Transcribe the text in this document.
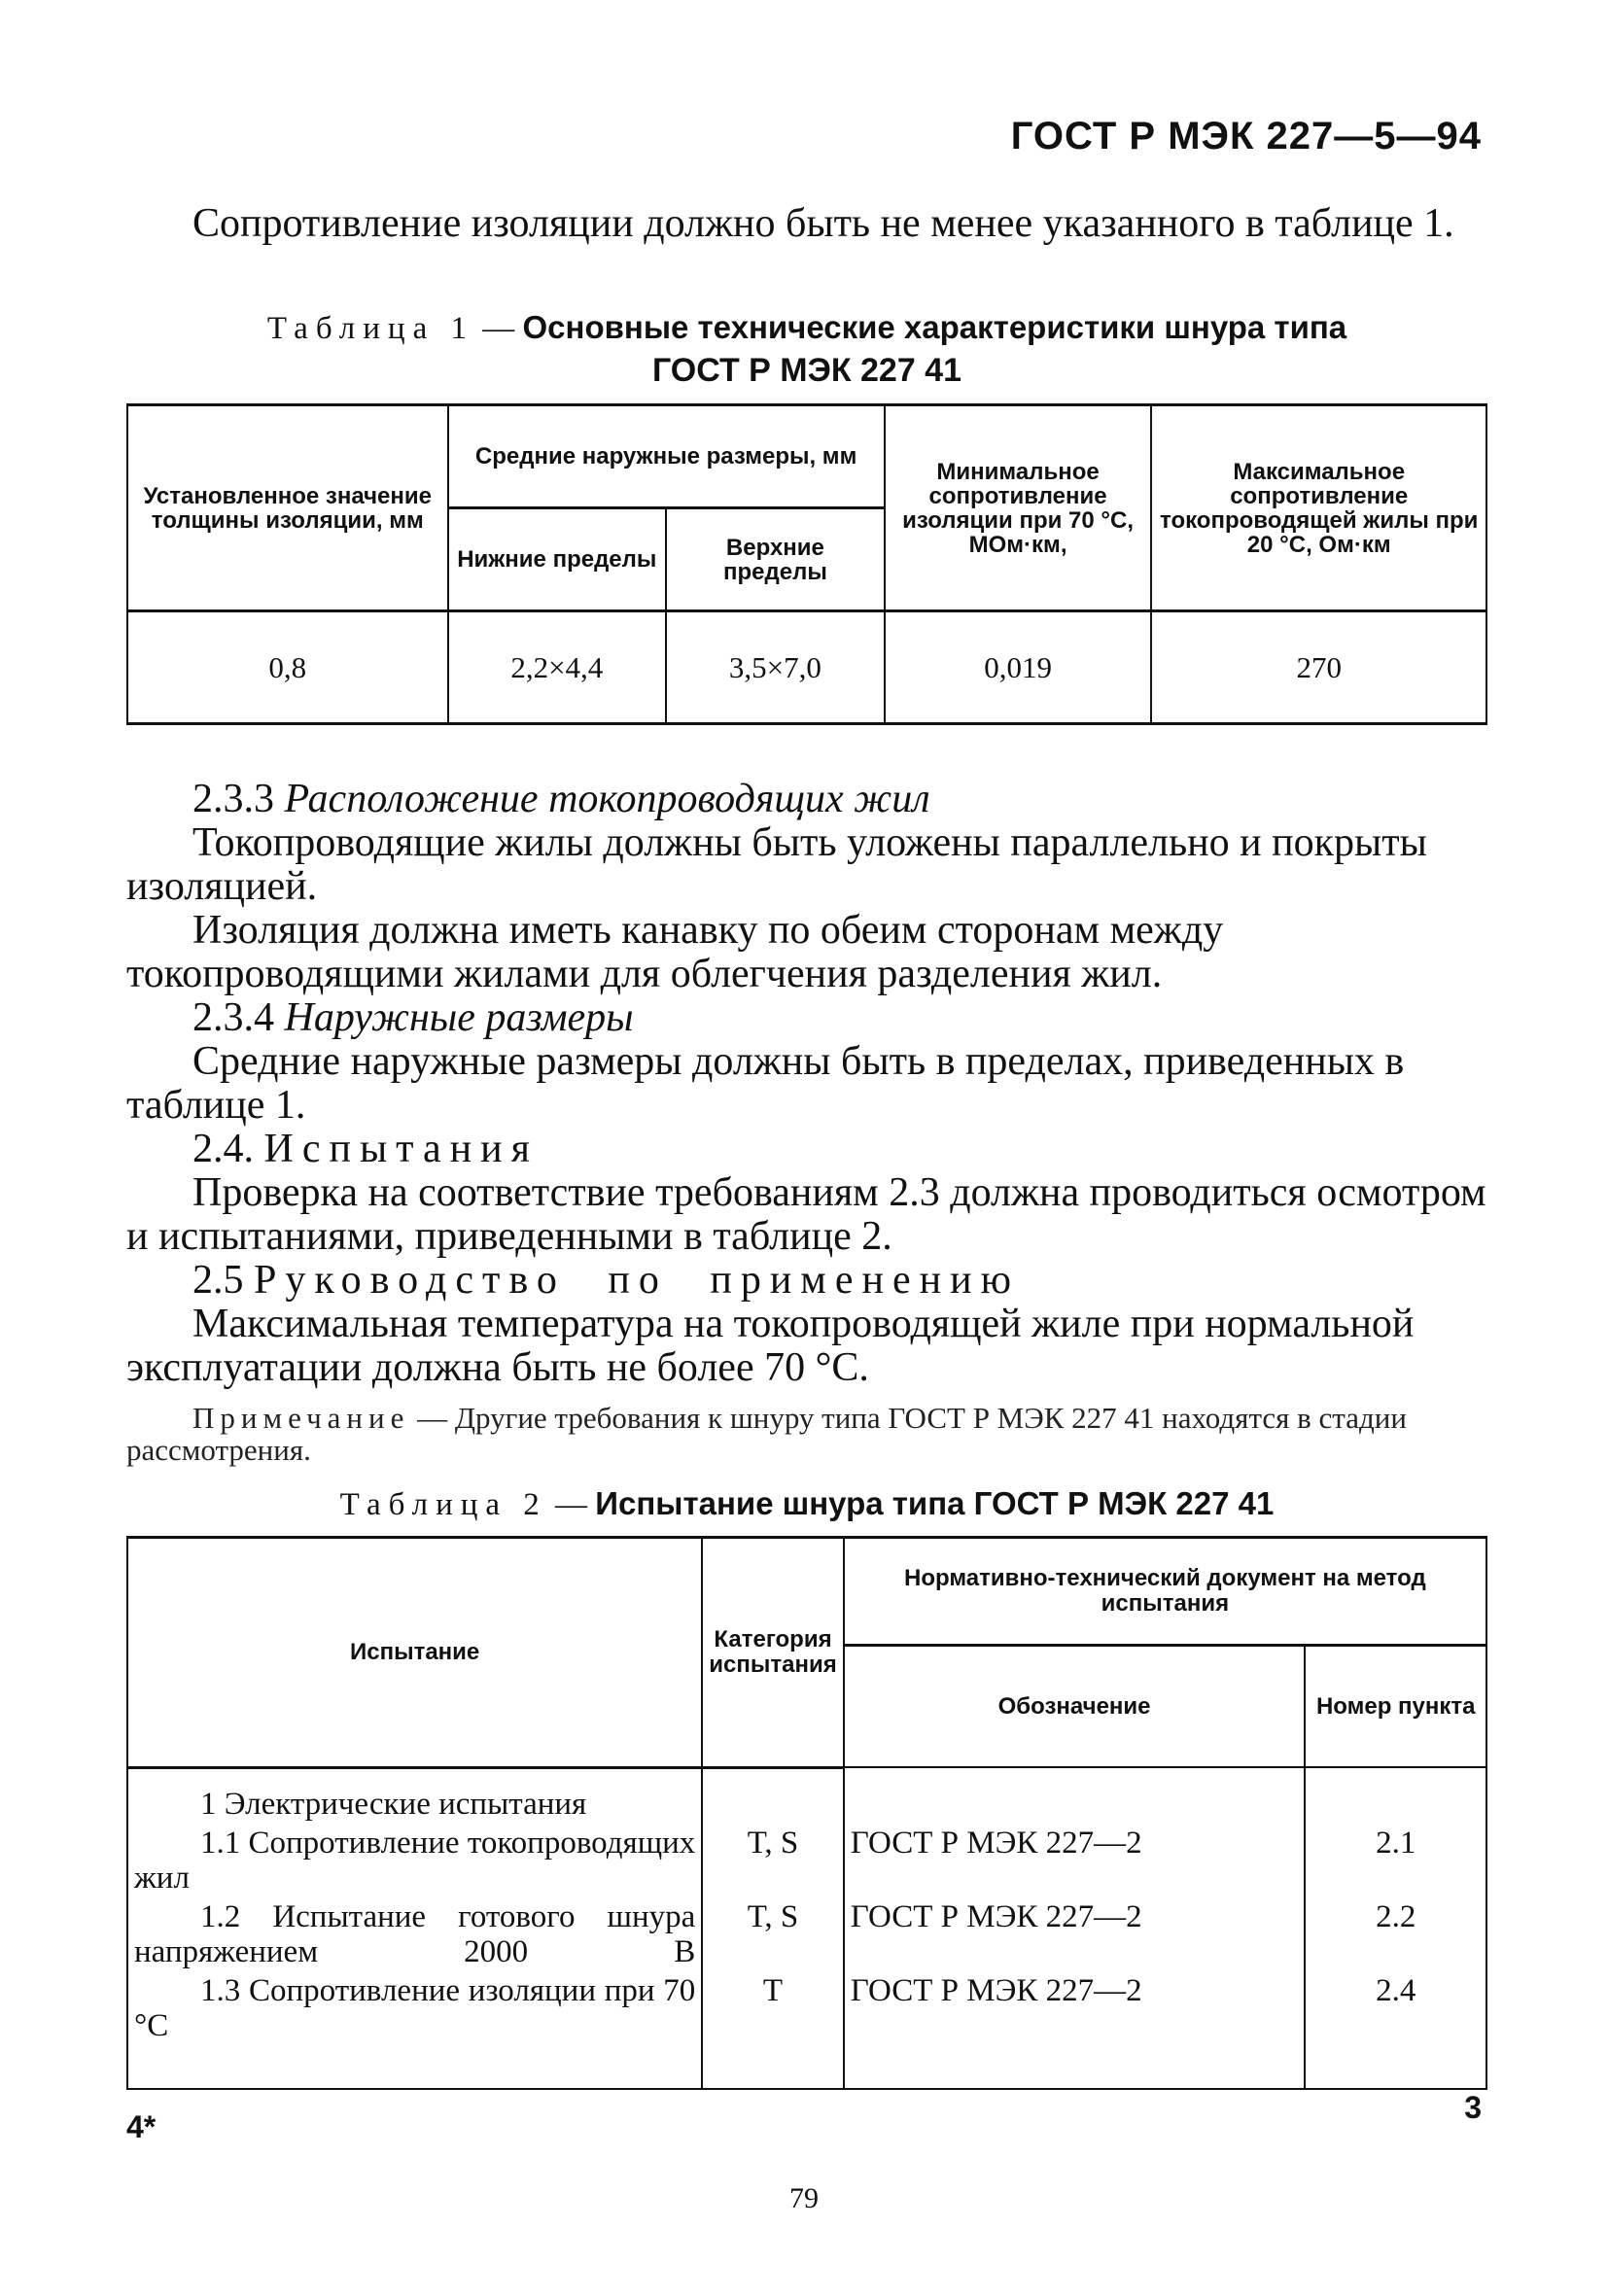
ГОСТ Р МЭК 227—5—94

Сопротивление изоляции должно быть не менее указанного в таблице 1.

Таблица 1 — Основные технические характеристики шнура типа
ГОСТ Р МЭК 227 41
Установленное значение толщины изоляции, мм	Средние наружные размеры, мм		Минимальное сопротивление изоляции при 70 °С, МОм·км,	Максимальное сопротивление токопроводящей жилы при 20 °С, Ом·км
	Нижние пределы	Верхние пределы		
0,8	2,2×4,4	3,5×7,0	0,019	270

2.3.3 Расположение токопроводящих жил

Токопроводящие жилы должны быть уложены параллельно и покрыты изоляцией.

Изоляция должна иметь канавку по обеим сторонам между токопроводящими жилами для облегчения разделения жил.

2.3.4 Наружные размеры

Средние наружные размеры должны быть в пределах, приведенных в таблице 1.

2.4. Испытания

Проверка на соответствие требованиям 2.3 должна проводиться осмотром и испытаниями, приведенными в таблице 2.

2.5 Руководство по применению

Максимальная температура на токопроводящей жиле при нормальной эксплуатации должна быть не более 70 °С.

Примечание — Другие требования к шнуру типа ГОСТ Р МЭК 227 41 находятся в стадии рассмотрения.

Таблица 2 — Испытание шнура типа ГОСТ Р МЭК 227 41
Испытание	Категория испытания	Нормативно-технический документ на метод испытания	
		Обозначение	Номер пункта
1 Электрические испытания			
1.1 Сопротивление токопроводящих жил	T, S	ГОСТ Р МЭК 227—2	2.1
1.2 Испытание готового шнура напряжением 2000 В	T, S	ГОСТ Р МЭК 227—2	2.2
1.3 Сопротивление изоляции при 70 °С	T	ГОСТ Р МЭК 227—2	2.4

4*
3
79
